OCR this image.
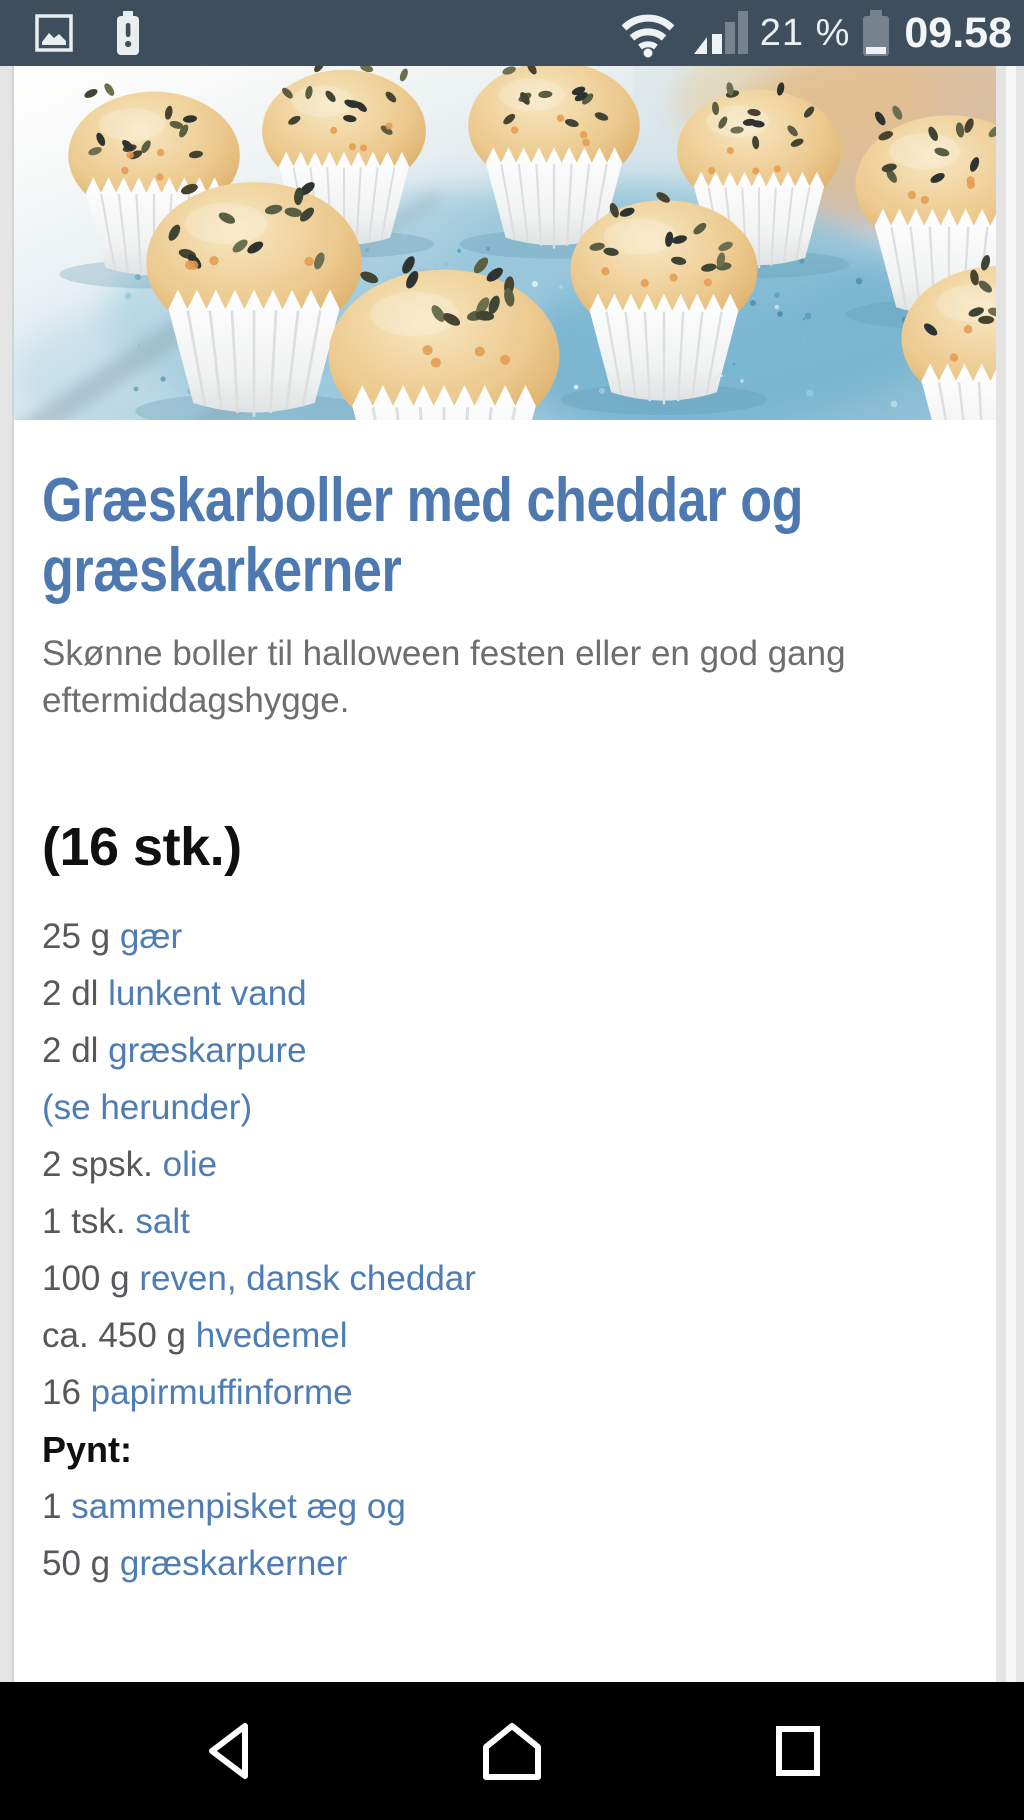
21 % 09.58
Græskarboller med cheddar og græskarkerner

Skønne boller til halloween festen eller en god gang eftermiddagshygge.

(16 stk.)
25 g gær
2 dl lunkent vand
2 dl græskarpure
(se herunder)
2 spsk. olie
1 tsk. salt
100 g reven, dansk cheddar
ca. 450 g hvedemel
16 papirmuffinforme
Pynt:
1 sammenpisket æg og
50 g græskarkerner
